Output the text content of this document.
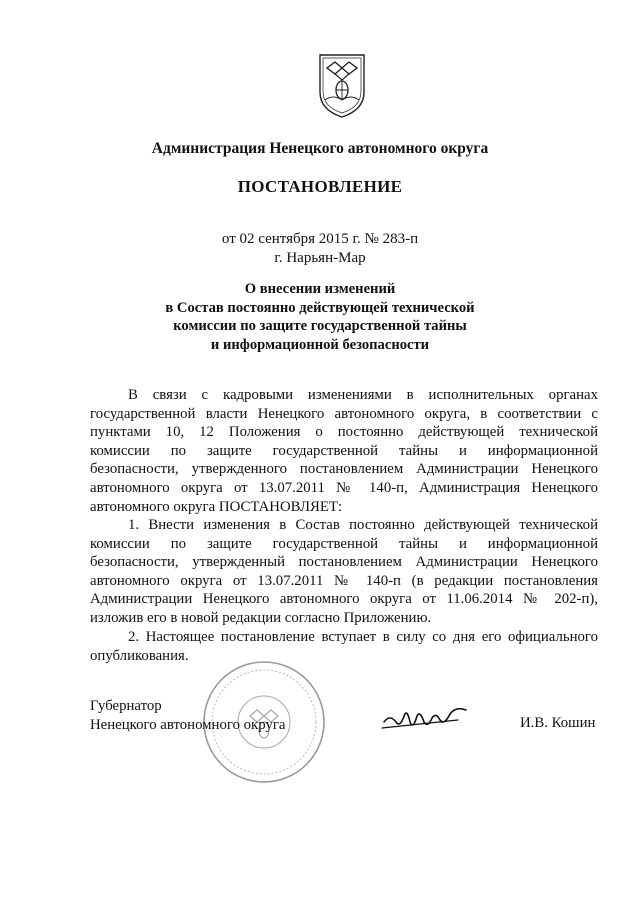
Администрация Ненецкого автономного округа
ПОСТАНОВЛЕНИЕ
от 02 сентября 2015 г. № 283-п
г. Нарьян-Мар
О внесении изменений
в Состав постоянно действующей технической
комиссии по защите государственной тайны
и информационной безопасности
В связи с кадровыми изменениями в исполнительных органах
государственной власти Ненецкого автономного округа, в соответствии с
пунктами 10, 12 Положения о постоянно действующей технической
комиссии по защите государственной тайны и информационной
безопасности, утвержденного постановлением Администрации Ненецкого
автономного округа от 13.07.2011 № 140-п, Администрация Ненецкого
автономного округа ПОСТАНОВЛЯЕТ:
1. Внести изменения в Состав постоянно действующей технической
комиссии по защите государственной тайны и информационной
безопасности, утвержденный постановлением Администрации Ненецкого
автономного округа от 13.07.2011 № 140-п (в редакции постановления
Администрации Ненецкого автономного округа от 11.06.2014 № 202-п),
изложив его в новой редакции согласно Приложению.
2. Настоящее постановление вступает в силу со дня его официального
опубликования.
Губернатор
Ненецкого автономного округа	И.В. Кошин
